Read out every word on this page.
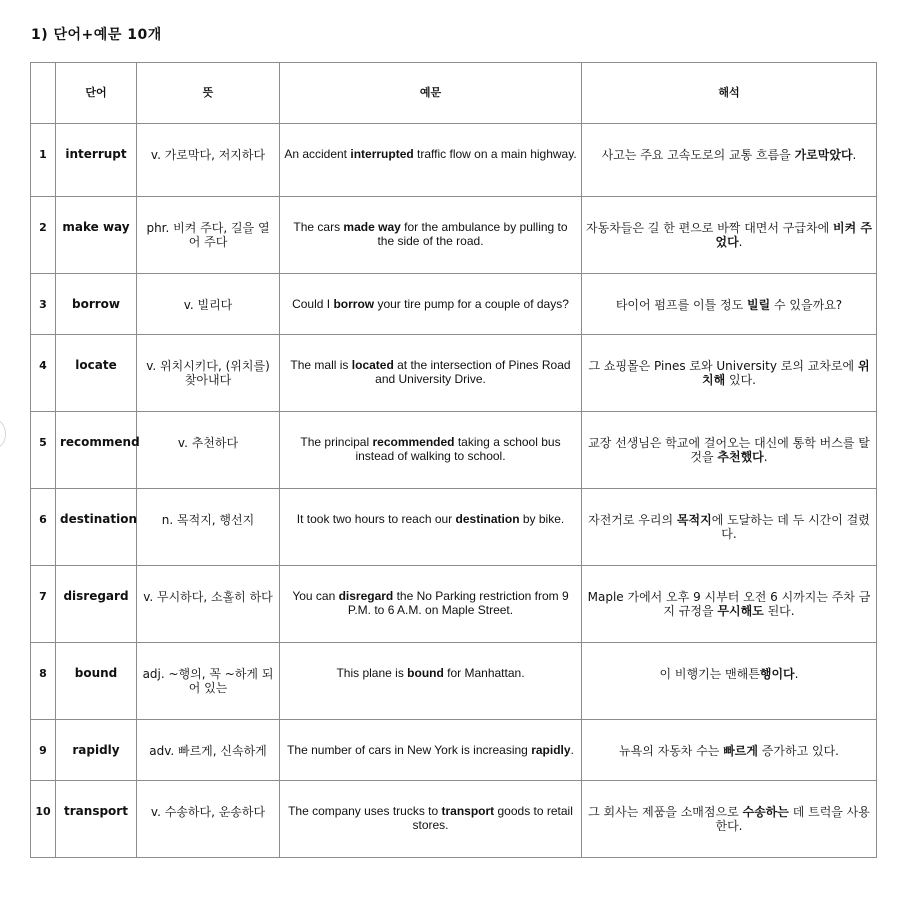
1) 단어+예문 10개
	단어	뜻	예문	해석
1	interrupt	v. 가로막다, 저지하다	An accident interrupted traffic flow on a main highway.	사고는 주요 고속도로의 교통 흐름을 가로막았다.
2	make way	phr. 비켜 주다, 길을 열어 주다	The cars made way for the ambulance by pulling to the side of the road.	자동차들은 길 한 편으로 바짝 대면서 구급차에 비켜 주었다.
3	borrow	v. 빌리다	Could I borrow your tire pump for a couple of days?	타이어 펌프를 이틀 정도 빌릴 수 있을까요?
4	locate	v. 위치시키다, (위치를) 찾아내다	The mall is located at the intersection of Pines Road and University Drive.	그 쇼핑몰은 Pines 로와 University 로의 교차로에 위치해 있다.
5	recommend	v. 추천하다	The principal recommended taking a school bus instead of walking to school.	교장 선생님은 학교에 걸어오는 대신에 통학 버스를 탈 것을 추천했다.
6	destination	n. 목적지, 행선지	It took two hours to reach our destination by bike.	자전거로 우리의 목적지에 도달하는 데 두 시간이 걸렸다.
7	disregard	v. 무시하다, 소홀히 하다	You can disregard the No Parking restriction from 9 P.M. to 6 A.M. on Maple Street.	Maple 가에서 오후 9 시부터 오전 6 시까지는 주차 금지 규정을 무시해도 된다.
8	bound	adj. ~행의, 꼭 ~하게 되어 있는	This plane is bound for Manhattan.	이 비행기는 맨해튼행이다.
9	rapidly	adv. 빠르게, 신속하게	The number of cars in New York is increasing rapidly.	뉴욕의 자동차 수는 빠르게 증가하고 있다.
10	transport	v. 수송하다, 운송하다	The company uses trucks to transport goods to retail stores.	그 회사는 제품을 소매점으로 수송하는 데 트럭을 사용한다.
